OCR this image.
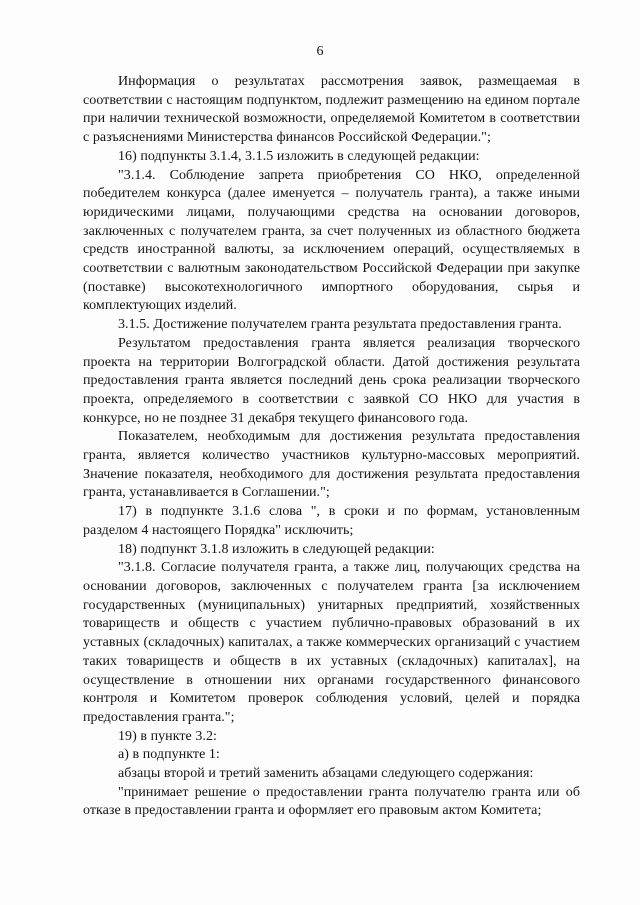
6

Информация о результатах рассмотрения заявок, размещаемая в соответствии с настоящим подпунктом, подлежит размещению на едином портале при наличии технической возможности, определяемой Комитетом в соответствии с разъяснениями Министерства финансов Российской Федерации.";

16) подпункты 3.1.4, 3.1.5 изложить в следующей редакции:

"3.1.4. Соблюдение запрета приобретения СО НКО, определенной победителем конкурса (далее именуется – получатель гранта), а также иными юридическими лицами, получающими средства на основании договоров, заключенных с получателем гранта, за счет полученных из областного бюджета средств иностранной валюты, за исключением операций, осуществляемых в соответствии с валютным законодательством Российской Федерации при закупке (поставке) высокотехнологичного импортного оборудования, сырья и комплектующих изделий.

3.1.5. Достижение получателем гранта результата предоставления гранта.

Результатом предоставления гранта является реализация творческого проекта на территории Волгоградской области. Датой достижения результата предоставления гранта является последний день срока реализации творческого проекта, определяемого в соответствии с заявкой СО НКО для участия в конкурсе, но не позднее 31 декабря текущего финансового года.

Показателем, необходимым для достижения результата предоставления гранта, является количество участников культурно-массовых мероприятий. Значение показателя, необходимого для достижения результата предоставления гранта, устанавливается в Соглашении.";

17) в подпункте 3.1.6 слова ", в сроки и по формам, установленным разделом 4 настоящего Порядка" исключить;

18) подпункт 3.1.8 изложить в следующей редакции:

"3.1.8. Согласие получателя гранта, а также лиц, получающих средства на основании договоров, заключенных с получателем гранта [за исключением государственных (муниципальных) унитарных предприятий, хозяйственных товариществ и обществ с участием публично-правовых образований в их уставных (складочных) капиталах, а также коммерческих организаций с участием таких товариществ и обществ в их уставных (складочных) капиталах], на осуществление в отношении них органами государственного финансового контроля и Комитетом проверок соблюдения условий, целей и порядка предоставления гранта.";

19) в пункте 3.2:

а) в подпункте 1:

абзацы второй и третий заменить абзацами следующего содержания:

"принимает решение о предоставлении гранта получателю гранта или об отказе в предоставлении гранта и оформляет его правовым актом Комитета;
